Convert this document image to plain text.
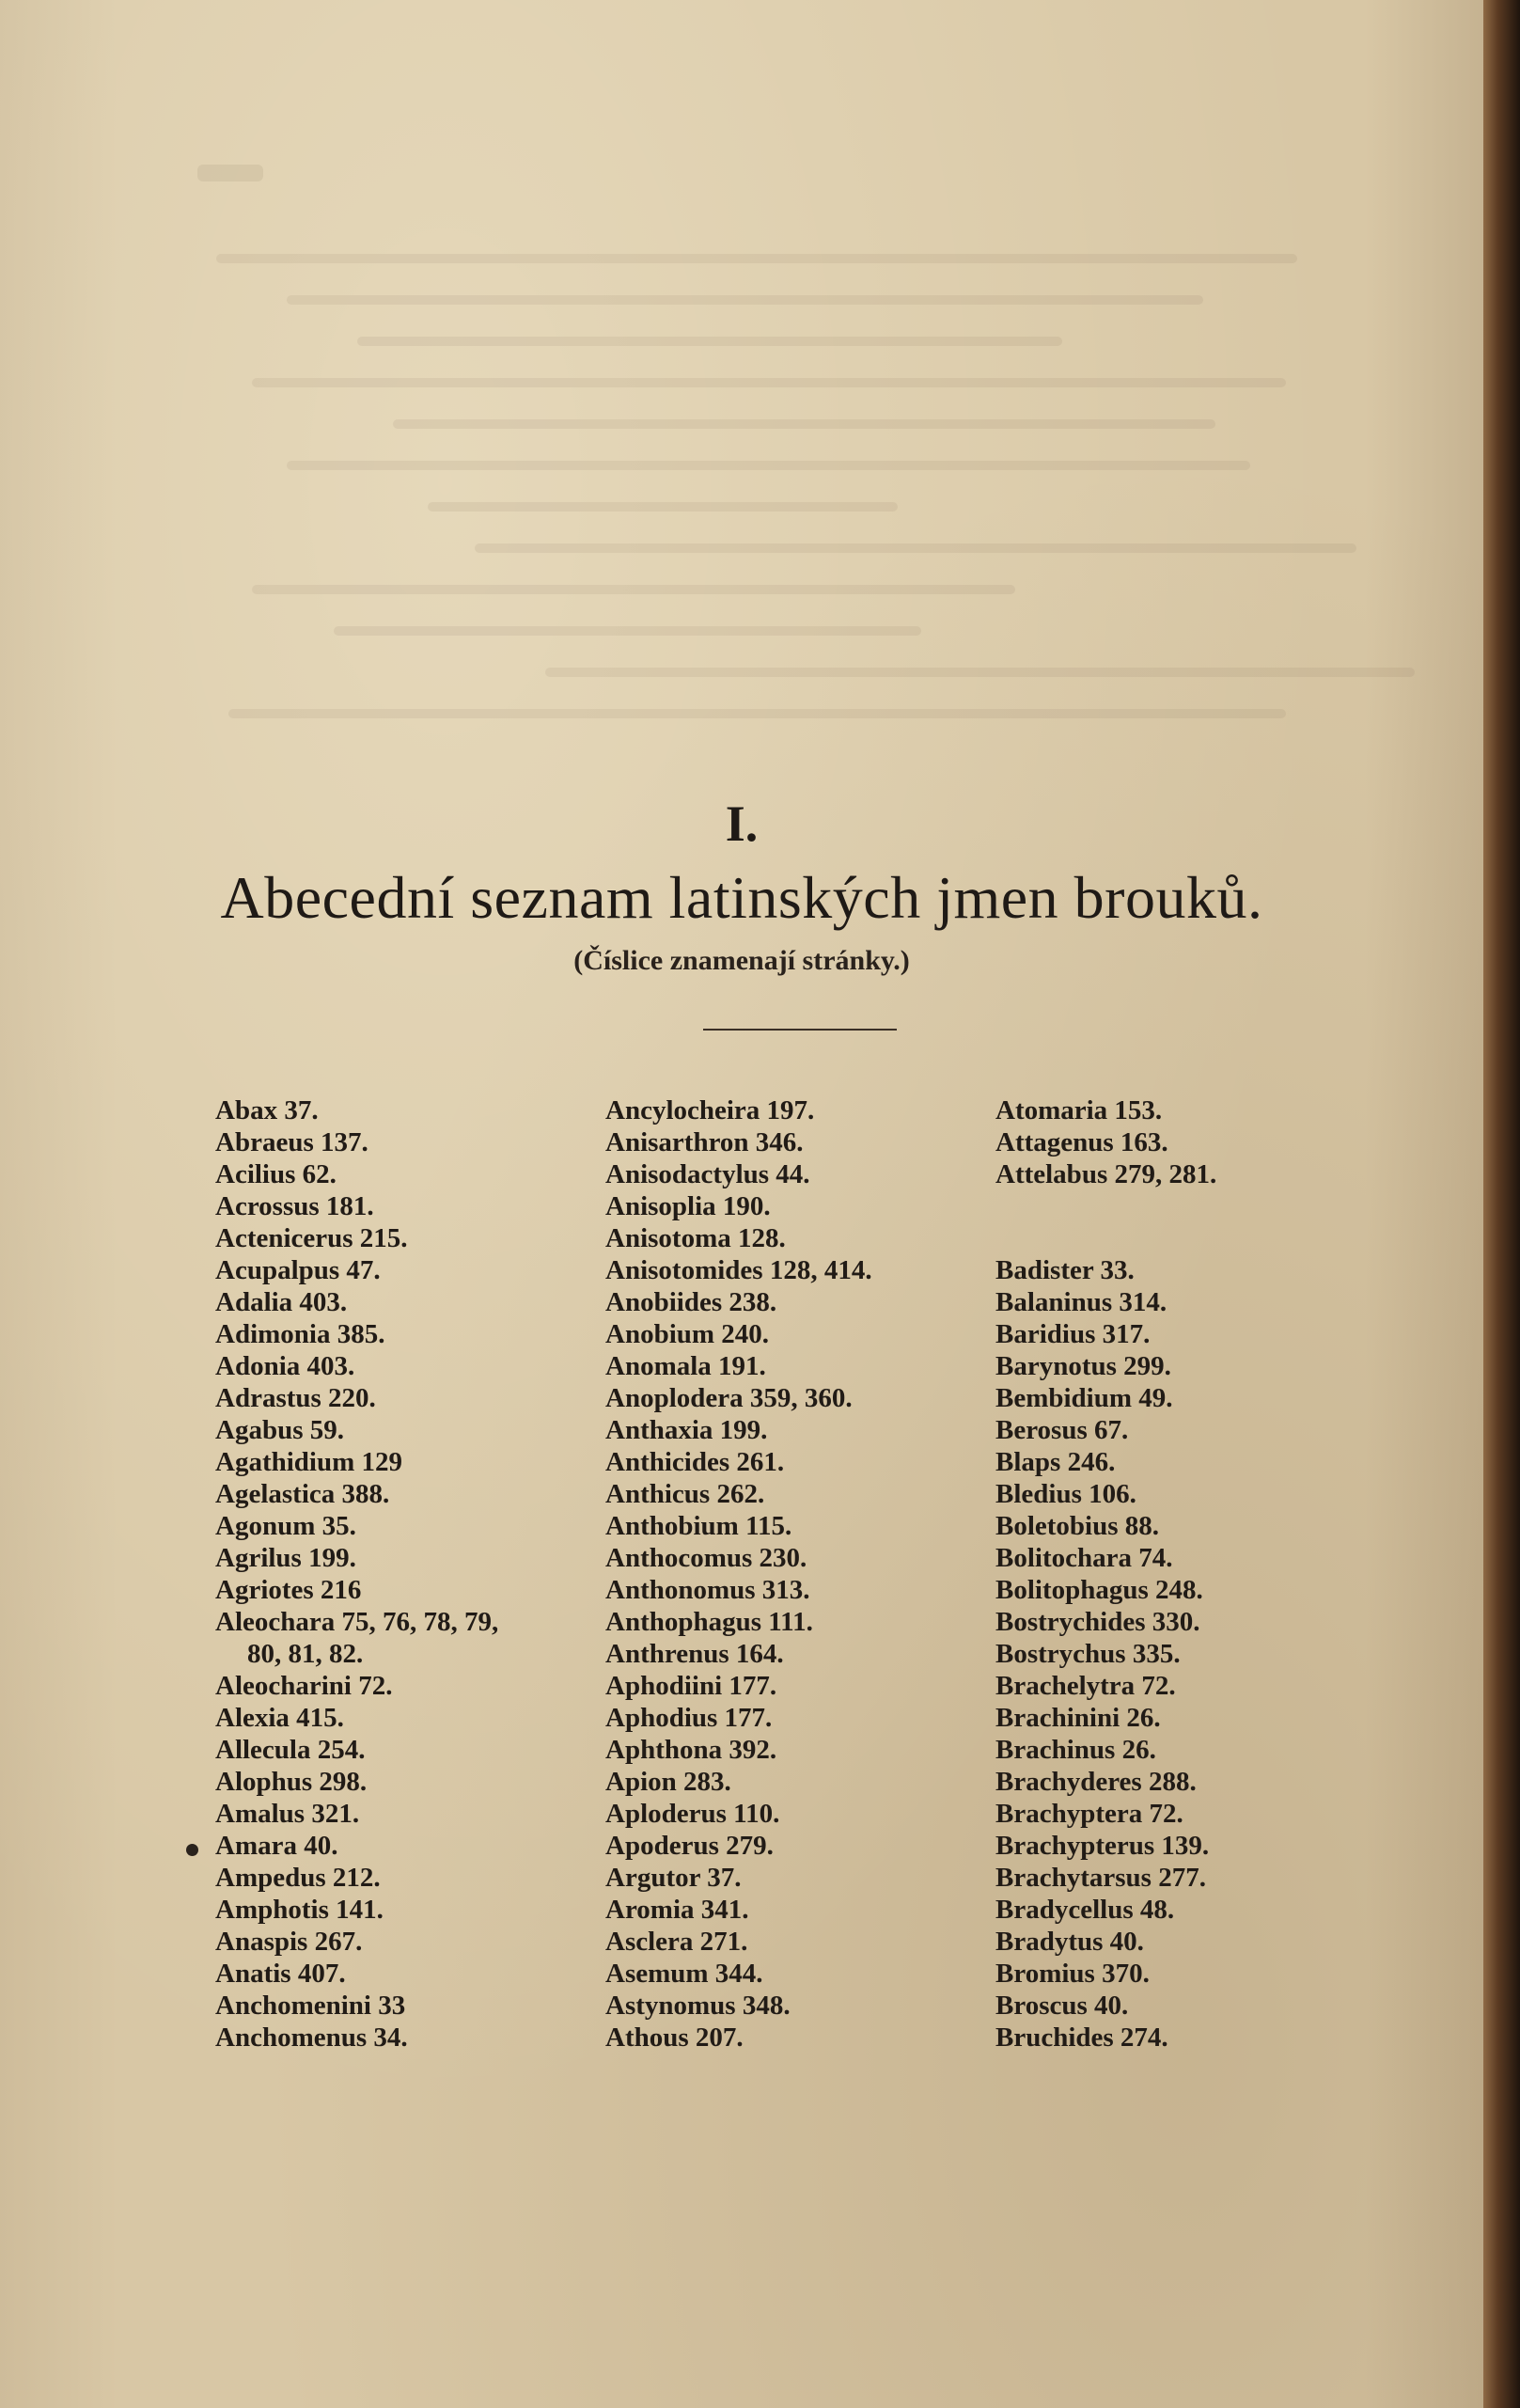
I.
Abecední seznam latinských jmen brouků.
(Číslice znamenají stránky.)
Abax 37.
Abraeus 137.
Acilius 62.
Acrossus 181.
Actenicerus 215.
Acupalpus 47.
Adalia 403.
Adimonia 385.
Adonia 403.
Adrastus 220.
Agabus 59.
Agathidium 129
Agelastica 388.
Agonum 35.
Agrilus 199.
Agriotes 216
Aleochara 75, 76, 78, 79,
80, 81, 82.
Aleocharini 72.
Alexia 415.
Allecula 254.
Alophus 298.
Amalus 321.
Amara 40.
Ampedus 212.
Amphotis 141.
Anaspis 267.
Anatis 407.
Anchomenini 33
Anchomenus 34.
Ancylocheira 197.
Anisarthron 346.
Anisodactylus 44.
Anisoplia 190.
Anisotoma 128.
Anisotomides 128, 414.
Anobiides 238.
Anobium 240.
Anomala 191.
Anoplodera 359, 360.
Anthaxia 199.
Anthicides 261.
Anthicus 262.
Anthobium 115.
Anthocomus 230.
Anthonomus 313.
Anthophagus 111.
Anthrenus 164.
Aphodiini 177.
Aphodius 177.
Aphthona 392.
Apion 283.
Aploderus 110.
Apoderus 279.
Argutor 37.
Aromia 341.
Asclera 271.
Asemum 344.
Astynomus 348.
Athous 207.
Atomaria 153.
Attagenus 163.
Attelabus 279, 281.
Badister 33.
Balaninus 314.
Baridius 317.
Barynotus 299.
Bembidium 49.
Berosus 67.
Blaps 246.
Bledius 106.
Boletobius 88.
Bolitochara 74.
Bolitophagus 248.
Bostrychides 330.
Bostrychus 335.
Brachelytra 72.
Brachinini 26.
Brachinus 26.
Brachyderes 288.
Brachyptera 72.
Brachypterus 139.
Brachytarsus 277.
Bradycellus 48.
Bradytus 40.
Bromius 370.
Broscus 40.
Bruchides 274.
